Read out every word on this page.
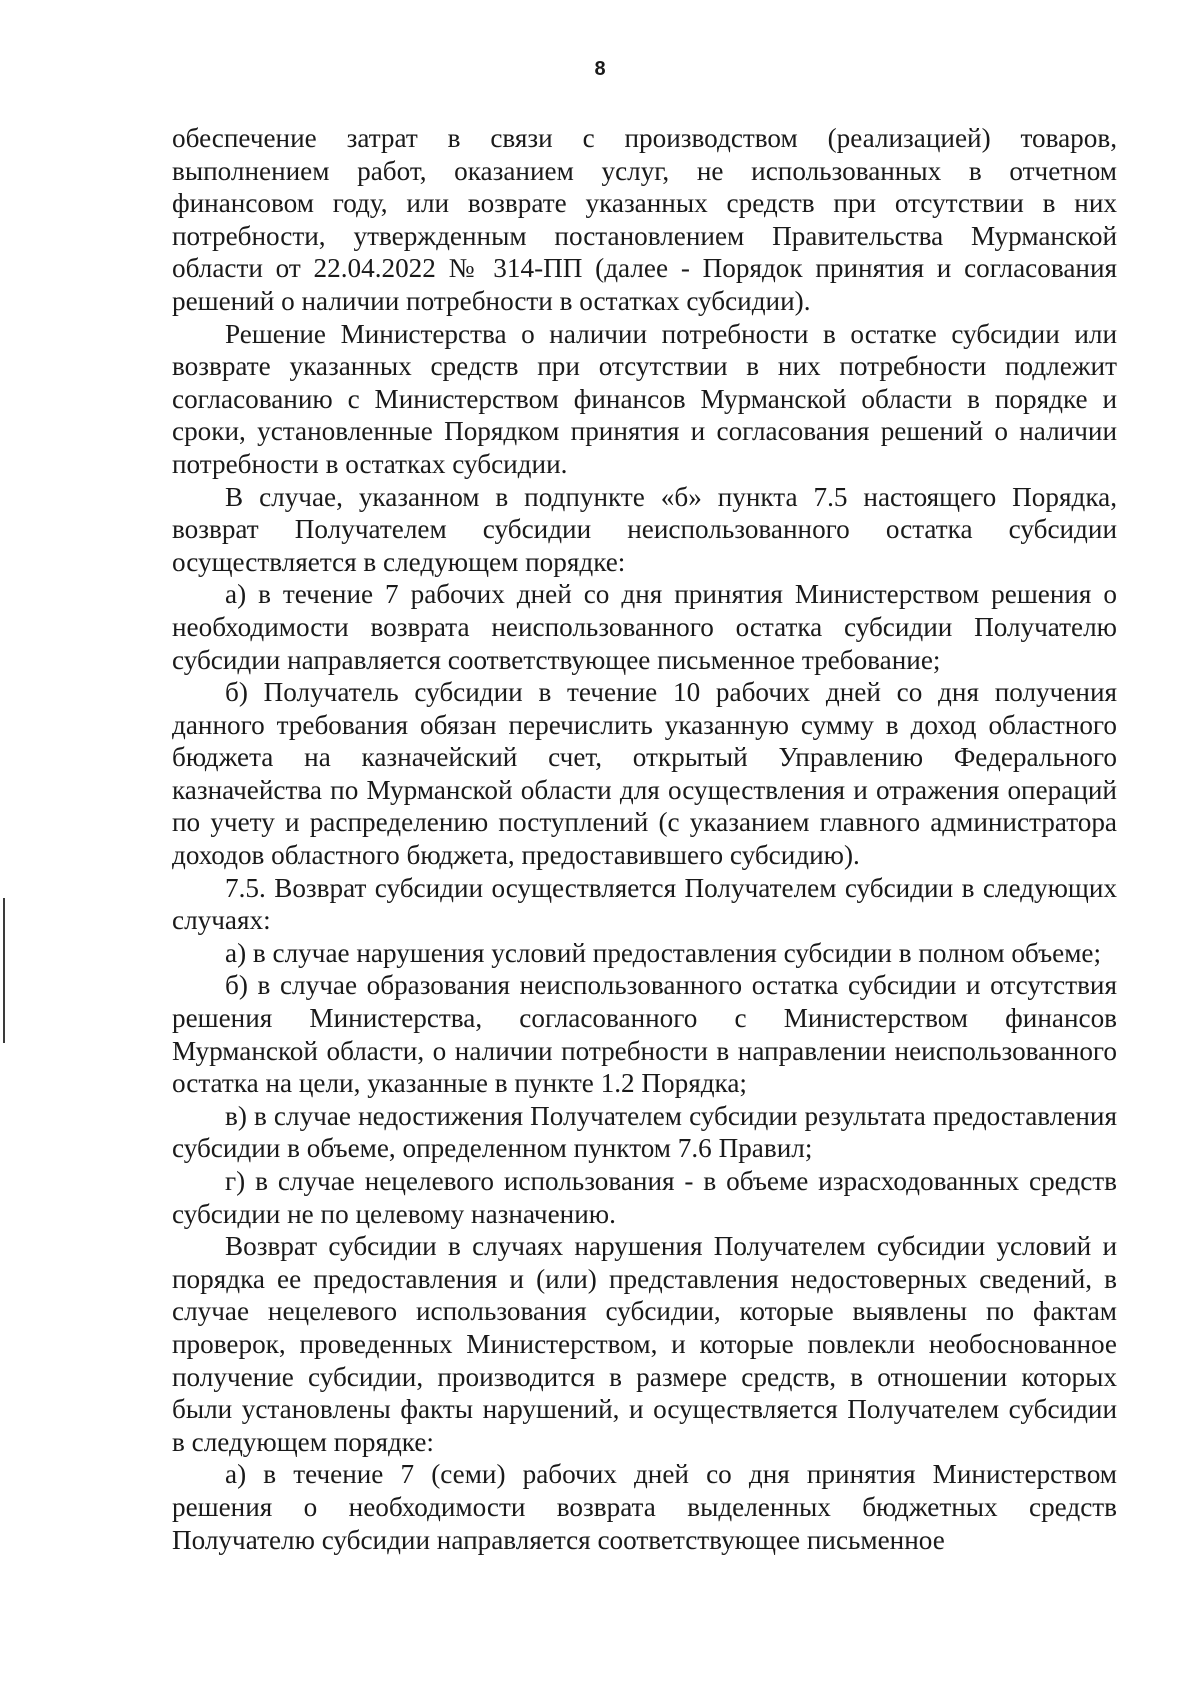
8

обеспечение затрат в связи с производством (реализацией) товаров, выполнением работ, оказанием услуг, не использованных в отчетном финансовом году, или возврате указанных средств при отсутствии в них потребности, утвержденным постановлением Правительства Мурманской области от 22.04.2022 № 314-ПП (далее - Порядок принятия и согласования решений о наличии потребности в остатках субсидии).

Решение Министерства о наличии потребности в остатке субсидии или возврате указанных средств при отсутствии в них потребности подлежит согласованию с Министерством финансов Мурманской области в порядке и сроки, установленные Порядком принятия и согласования решений о наличии потребности в остатках субсидии.

В случае, указанном в подпункте «б» пункта 7.5 настоящего Порядка, возврат Получателем субсидии неиспользованного остатка субсидии осуществляется в следующем порядке:

а) в течение 7 рабочих дней со дня принятия Министерством решения о необходимости возврата неиспользованного остатка субсидии Получателю субсидии направляется соответствующее письменное требование;

б) Получатель субсидии в течение 10 рабочих дней со дня получения данного требования обязан перечислить указанную сумму в доход областного бюджета на казначейский счет, открытый Управлению Федерального казначейства по Мурманской области для осуществления и отражения операций по учету и распределению поступлений (с указанием главного администратора доходов областного бюджета, предоставившего субсидию).

7.5. Возврат субсидии осуществляется Получателем субсидии в следующих случаях:

а) в случае нарушения условий предоставления субсидии в полном объеме;

б) в случае образования неиспользованного остатка субсидии и отсутствия решения Министерства, согласованного с Министерством финансов Мурманской области, о наличии потребности в направлении неиспользованного остатка на цели, указанные в пункте 1.2 Порядка;

в) в случае недостижения Получателем субсидии результата предоставления субсидии в объеме, определенном пунктом 7.6 Правил;

г) в случае нецелевого использования - в объеме израсходованных средств субсидии не по целевому назначению.

Возврат субсидии в случаях нарушения Получателем субсидии условий и порядка ее предоставления и (или) представления недостоверных сведений, в случае нецелевого использования субсидии, которые выявлены по фактам проверок, проведенных Министерством, и которые повлекли необоснованное получение субсидии, производится в размере средств, в отношении которых были установлены факты нарушений, и осуществляется Получателем субсидии в следующем порядке:

а) в течение 7 (семи) рабочих дней со дня принятия Министерством решения о необходимости возврата выделенных бюджетных средств Получателю субсидии направляется соответствующее письменное
